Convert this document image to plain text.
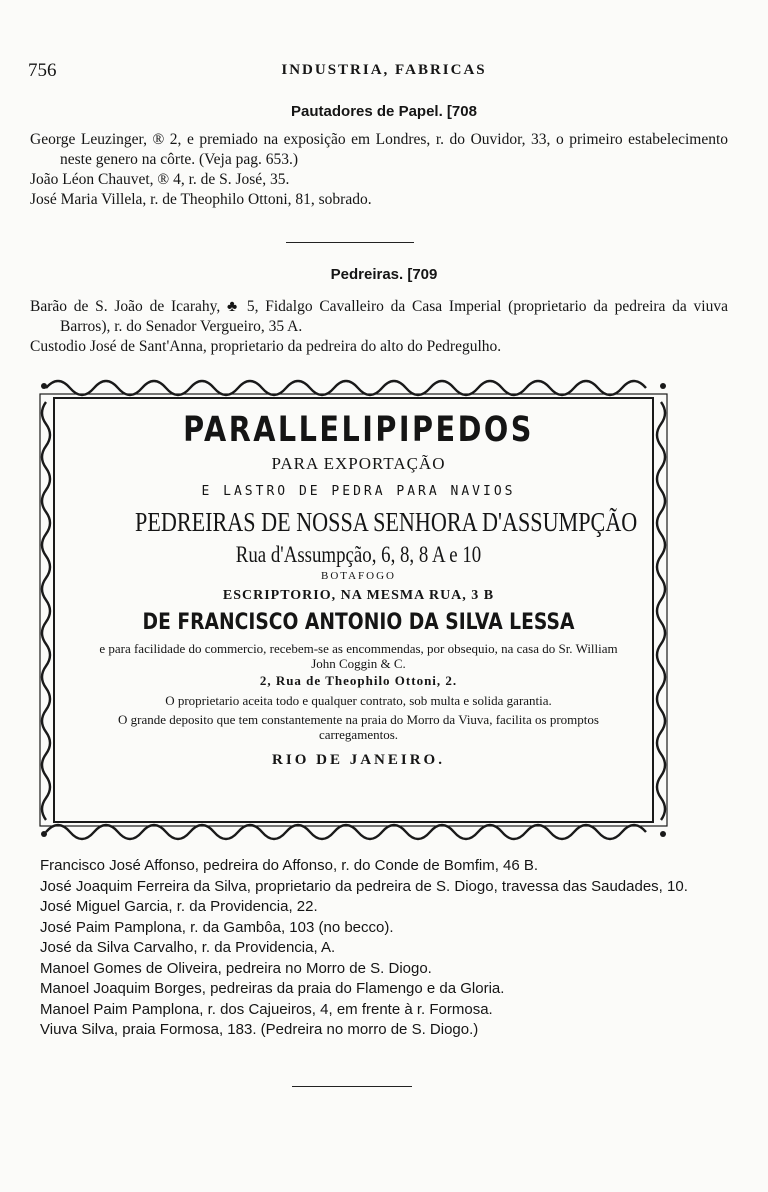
756	INDUSTRIA, FABRICAS
Pautadores de Papel. [708
George Leuzinger, ® 2, e premiado na exposição em Londres, r. do Ouvidor, 33, o primeiro estabelecimento neste genero na côrte. (Veja pag. 653.)
João Léon Chauvet, ® 4, r. de S. José, 35.
José Maria Villela, r. de Theophilo Ottoni, 81, sobrado.
Pedreiras. [709
Barão de S. João de Icarahy, ♣ 5, Fidalgo Cavalleiro da Casa Imperial (proprietario da pedreira da viuva Barros), r. do Senador Vergueiro, 35 A.
Custodio José de Sant'Anna, proprietario da pedreira do alto do Pedregulho.
PARALLELIPIPEDOS
PARA EXPORTAÇÃO
E LASTRO DE PEDRA PARA NAVIOS
PEDREIRAS DE NOSSA SENHORA D'ASSUMPÇÃO
Rua d'Assumpção, 6, 8, 8 A e 10
BOTAFOGO
ESCRIPTORIO, NA MESMA RUA, 3 B
DE FRANCISCO ANTONIO DA SILVA LESSA
e para facilidade do commercio, recebem-se as encommendas, por obsequio, na casa do Sr. William John Coggin & C.
2, Rua de Theophilo Ottoni, 2.
O proprietario aceita todo e qualquer contrato, sob multa e solida garantia.
O grande deposito que tem constantemente na praia do Morro da Viuva, facilita os promptos carregamentos.
RIO DE JANEIRO.
Francisco José Affonso, pedreira do Affonso, r. do Conde de Bomfim, 46 B.
José Joaquim Ferreira da Silva, proprietario da pedreira de S. Diogo, travessa das Saudades, 10.
José Miguel Garcia, r. da Providencia, 22.
José Paim Pamplona, r. da Gambôa, 103 (no becco).
José da Silva Carvalho, r. da Providencia, A.
Manoel Gomes de Oliveira, pedreira no Morro de S. Diogo.
Manoel Joaquim Borges, pedreiras da praia do Flamengo e da Gloria.
Manoel Paim Pamplona, r. dos Cajueiros, 4, em frente à r. Formosa.
Viuva Silva, praia Formosa, 183. (Pedreira no morro de S. Diogo.)
